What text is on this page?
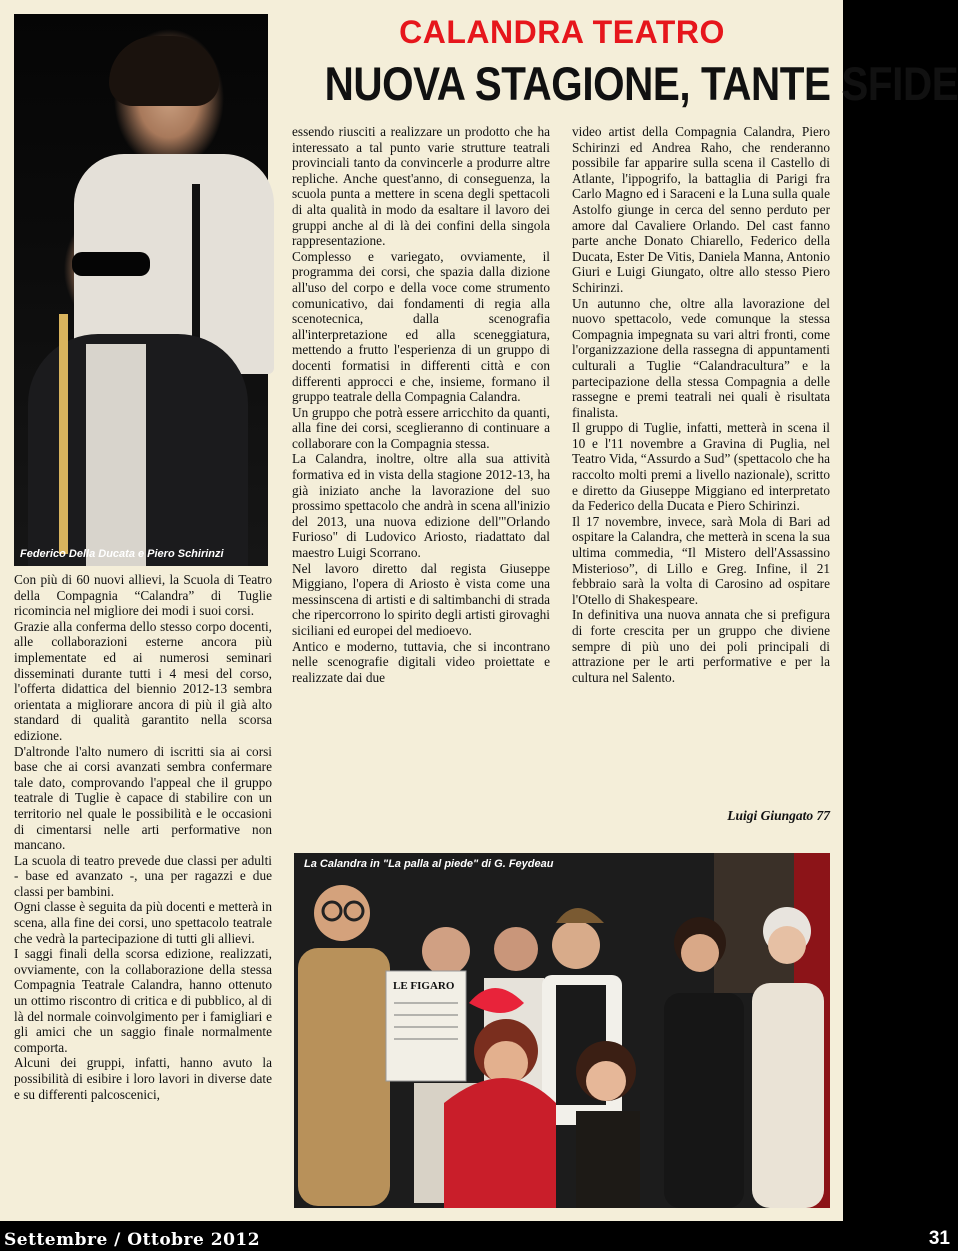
Federico Della Ducata e Piero Schirinzi
CALANDRA TEATRO
NUOVA STAGIONE, TANTE SFIDE

Con più di 60 nuovi allievi, la Scuola di Teatro della Compagnia “Calandra” di Tuglie ricomincia nel migliore dei modi i suoi corsi.

Grazie alla conferma dello stesso corpo docenti, alle collaborazioni esterne ancora più implementate ed ai numerosi seminari disseminati durante tutti i 4 mesi del corso, l'offerta didattica del biennio 2012-13 sembra orientata a migliorare ancora di più il già alto standard di qualità garantito nella scorsa edizione.

D'altronde l'alto numero di iscritti sia ai corsi base che ai corsi avanzati sembra confermare tale dato, comprovando l'appeal che il gruppo teatrale di Tuglie è capace di stabilire con un territorio nel quale le possibilità e le occasioni di cimentarsi nelle arti performative non mancano.

La scuola di teatro prevede due classi per adulti - base ed avanzato -, una per ragazzi e due classi per bambini.

Ogni classe è seguita da più docenti e metterà in scena, alla fine dei corsi, uno spettacolo teatrale che vedrà la partecipazione di tutti gli allievi.

I saggi finali della scorsa edizione, realizzati, ovviamente, con la collaborazione della stessa Compagnia Teatrale Calandra, hanno ottenuto un ottimo riscontro di critica e di pubblico, al di là del normale coinvolgimento per i famigliari e gli amici che un saggio finale normalmente comporta.

Alcuni dei gruppi, infatti, hanno avuto la possibilità di esibire i loro lavori in diverse date e su differenti palcoscenici,

essendo riusciti a realizzare un prodotto che ha interessato a tal punto varie strutture teatrali provinciali tanto da convincerle a produrre altre repliche. Anche quest'anno, di conseguenza, la scuola punta a mettere in scena degli spettacoli di alta qualità in modo da esaltare il lavoro dei gruppi anche al di là dei confini della singola rappresentazione.

Complesso e variegato, ovviamente, il programma dei corsi, che spazia dalla dizione all'uso del corpo e della voce come strumento comunicativo, dai fondamenti di regia alla scenotecnica, dalla scenografia all'interpretazione ed alla sceneggiatura, mettendo a frutto l'esperienza di un gruppo di docenti formatisi in differenti città e con differenti approcci e che, insieme, formano il gruppo teatrale della Compagnia Calandra.

Un gruppo che potrà essere arricchito da quanti, alla fine dei corsi, sceglieranno di continuare a collaborare con la Compagnia stessa.

La Calandra, inoltre, oltre alla sua attività formativa ed in vista della stagione 2012-13, ha già iniziato anche la lavorazione del suo prossimo spettacolo che andrà in scena all'inizio del 2013, una nuova edizione dell'"Orlando Furioso" di Ludovico Ariosto, riadattato dal maestro Luigi Scorrano.

Nel lavoro diretto dal regista Giuseppe Miggiano, l'opera di Ariosto è vista come una messinscena di artisti e di saltimbanchi di strada che ripercorrono lo spirito degli artisti girovaghi siciliani ed europei del medioevo.

Antico e moderno, tuttavia, che si incontrano nelle scenografie digitali video proiettate e realizzate dai due

video artist della Compagnia Calandra, Piero Schirinzi ed Andrea Raho, che renderanno possibile far apparire sulla scena il Castello di Atlante, l'ippogrifo, la battaglia di Parigi fra Carlo Magno ed i Saraceni e la Luna sulla quale Astolfo giunge in cerca del senno perduto per amore dal Cavaliere Orlando. Del cast fanno parte anche Donato Chiarello, Federico della Ducata, Ester De Vitis, Daniela Manna, Antonio Giuri e Luigi Giungato, oltre allo stesso Piero Schirinzi.

Un autunno che, oltre alla lavorazione del nuovo spettacolo, vede comunque la stessa Compagnia impegnata su vari altri fronti, come l'organizzazione della rassegna di appuntamenti culturali a Tuglie “Calandracultura” e la partecipazione della stessa Compagnia a delle rassegne e premi teatrali nei quali è risultata finalista.

Il gruppo di Tuglie, infatti, metterà in scena il 10 e l'11 novembre a Gravina di Puglia, nel Teatro Vida, “Assurdo a Sud” (spettacolo che ha raccolto molti premi a livello nazionale), scritto e diretto da Giuseppe Miggiano ed interpretato da Federico della Ducata e Piero Schirinzi.

Il 17 novembre, invece, sarà Mola di Bari ad ospitare la Calandra, che metterà in scena la sua ultima commedia, “Il Mistero dell'Assassino Misterioso”, di Lillo e Greg. Infine, il 21 febbraio sarà la volta di Carosino ad ospitare l'Otello di Shakespeare.

In definitiva una nuova annata che si prefigura di forte crescita per un gruppo che diviene sempre di più uno dei poli principali di attrazione per le arti performative e per la cultura nel Salento.

Luigi Giungato 77
LE FIGARO
La Calandra in "La palla al piede" di G. Feydeau
Settembre / Ottobre 2012	31
